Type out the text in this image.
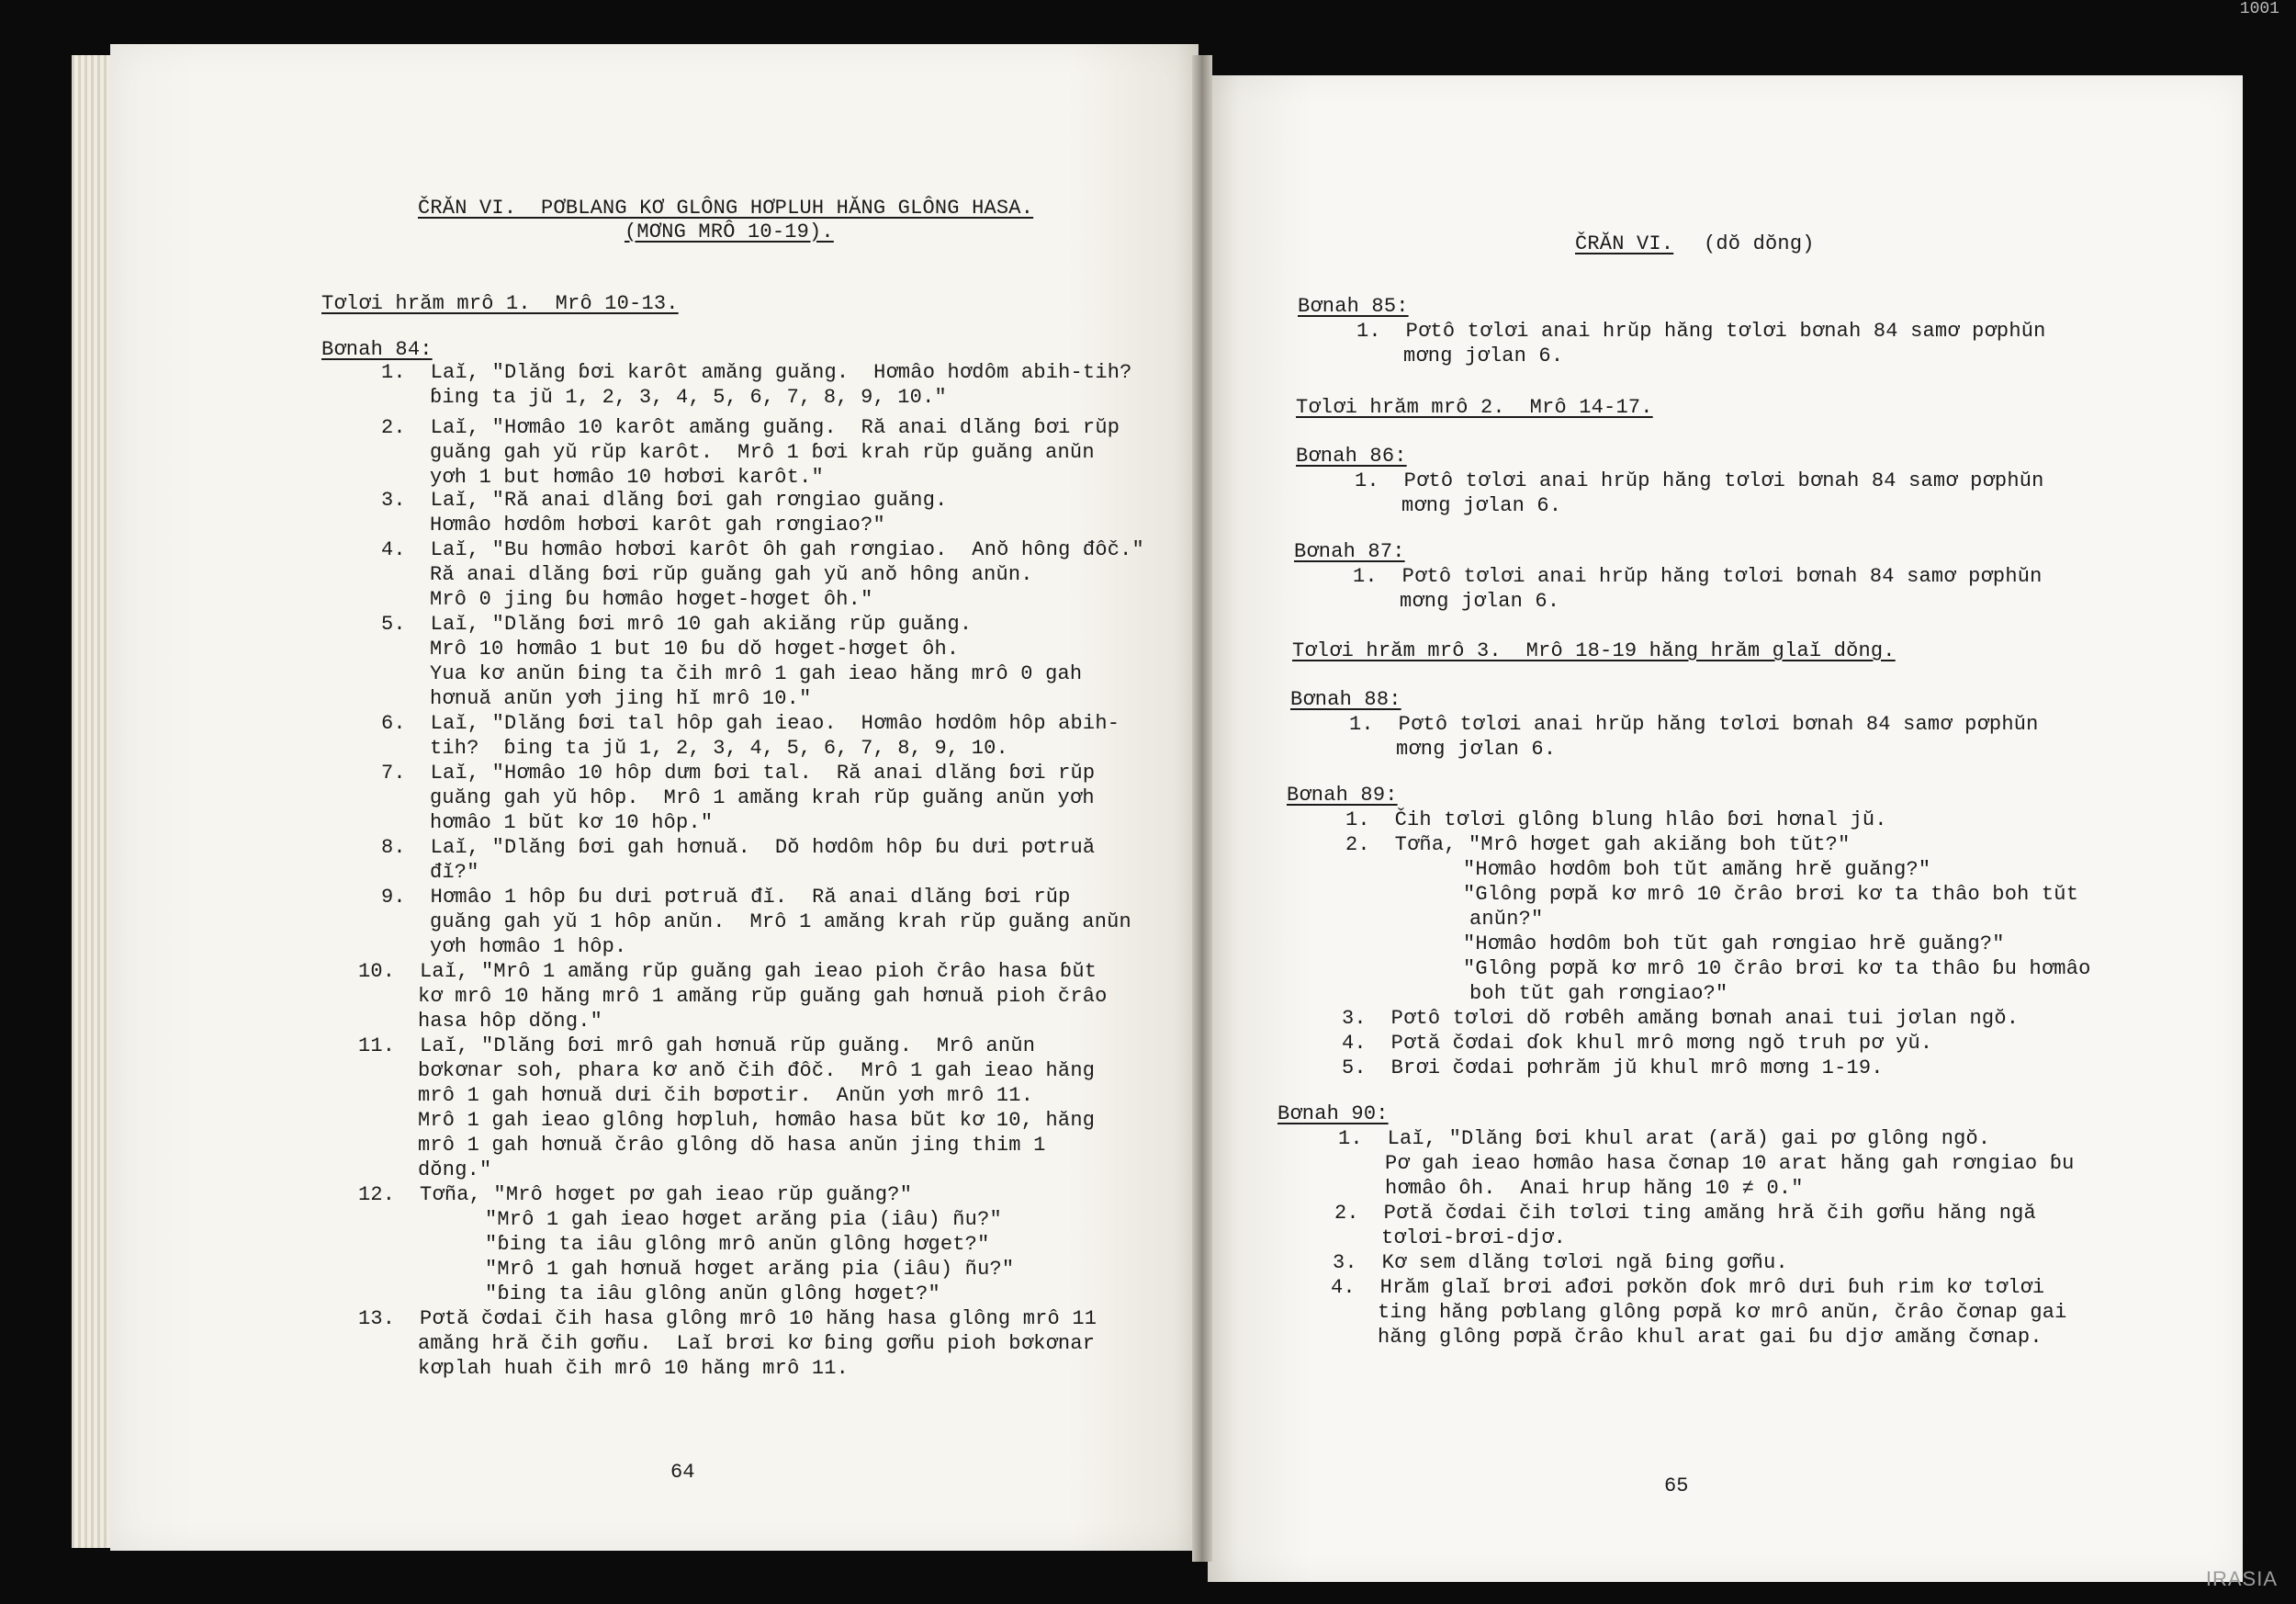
ČRĂN VI.  PƠBLANG KƠ GLÔNG HƠPLUH HĂNG GLÔNG HASA.
(MƠNG MRÔ 10-19).
Tơlơi hrăm mrô 1.  Mrô 10-13.
Bơnah 84:
1.  Laĭ, "Dlăng ɓơi karôt amăng guăng.  Hơmâo hơdôm abih-tih?
ɓing ta jŭ 1, 2, 3, 4, 5, 6, 7, 8, 9, 10."
2.  Laĭ, "Hơmâo 10 karôt amăng guăng.  Ră anai dlăng ɓơi rŭp
guăng gah yŭ rŭp karôt.  Mrô 1 ɓơi krah rŭp guăng anŭn
yơh 1 but hơmâo 10 hơbơi karôt."
3.  Laĭ, "Ră anai dlăng ɓơi gah rơngiao guăng.
Hơmâo hơdôm hơbơi karôt gah rơngiao?"
4.  Laĭ, "Bu hơmâo hơbơi karôt ôh gah rơngiao.  Anŏ hông đôč."
Ră anai dlăng ɓơi rŭp guăng gah yŭ anŏ hông anŭn.
Mrô 0 jing ɓu hơmâo hơget-hơget ôh."
5.  Laĭ, "Dlăng ɓơi mrô 10 gah akiăng rŭp guăng.
Mrô 10 hơmâo 1 but 10 ɓu dŏ hơget-hơget ôh.
Yua kơ anŭn ɓing ta čih mrô 1 gah ieao hăng mrô 0 gah
hơnuă anŭn yơh jing hĭ mrô 10."
6.  Laĭ, "Dlăng ɓơi tal hôp gah ieao.  Hơmâo hơdôm hôp abih-
tih?  ɓing ta jŭ 1, 2, 3, 4, 5, 6, 7, 8, 9, 10.
7.  Laĭ, "Hơmâo 10 hôp dưm ɓơi tal.  Ră anai dlăng ɓơi rŭp
guăng gah yŭ hôp.  Mrô 1 amăng krah rŭp guăng anŭn yơh
hơmâo 1 bŭt kơ 10 hôp."
8.  Laĭ, "Dlăng ɓơi gah hơnuă.  Dŏ hơdôm hôp ɓu dưi pơtruă
đĭ?"
9.  Hơmâo 1 hôp ɓu dưi pơtruă đĭ.  Ră anai dlăng ɓơi rŭp
guăng gah yŭ 1 hôp anŭn.  Mrô 1 amăng krah rŭp guăng anŭn
yơh hơmâo 1 hôp.
10.  Laĭ, "Mrô 1 amăng rŭp guăng gah ieao pioh črâo hasa ɓŭt
kơ mrô 10 hăng mrô 1 amăng rŭp guăng gah hơnuă pioh črâo
hasa hôp dŏng."
11.  Laĭ, "Dlăng ɓơi mrô gah hơnuă rŭp guăng.  Mrô anŭn
bơkơnar soh, phara kơ anŏ čih đôč.  Mrô 1 gah ieao hăng
mrô 1 gah hơnuă dưi čih bơpơtir.  Anŭn yơh mrô 11.
Mrô 1 gah ieao glông hơpluh, hơmâo hasa bŭt kơ 10, hăng
mrô 1 gah hơnuă črâo glông dŏ hasa anŭn jing thim 1
dŏng."
12.  Tơña, "Mrô hơget pơ gah ieao rŭp guăng?"
"Mrô 1 gah ieao hơget arăng pia (iâu) ñu?"
"ɓing ta iâu glông mrô anŭn glông hơget?"
"Mrô 1 gah hơnuă hơget arăng pia (iâu) ñu?"
"ɓing ta iâu glông anŭn glông hơget?"
13.  Pơtă čơdai čih hasa glông mrô 10 hăng hasa glông mrô 11
amăng hră čih gơñu.  Laĭ brơi kơ ɓing gơñu pioh bơkơnar
kơplah huah čih mrô 10 hăng mrô 11.
ČRĂN VI. (dŏ dŏng)
Bơnah 85:
1.  Pơtô tơlơi anai hrŭp hăng tơlơi bơnah 84 samơ pơphŭn
mơng jơlan 6.
Tơlơi hrăm mrô 2.  Mrô 14-17.
Bơnah 86:
1.  Pơtô tơlơi anai hrŭp hăng tơlơi bơnah 84 samơ pơphŭn
mơng jơlan 6.
Bơnah 87:
1.  Pơtô tơlơi anai hrŭp hăng tơlơi bơnah 84 samơ pơphŭn
mơng jơlan 6.
Tơlơi hrăm mrô 3.  Mrô 18-19 hăng hrăm glaĭ dŏng.
Bơnah 88:
1.  Pơtô tơlơi anai hrŭp hăng tơlơi bơnah 84 samơ pơphŭn
mơng jơlan 6.
Bơnah 89:
1.  Čih tơlơi glông blung hlâo ɓơi hơnal jŭ.
2.  Tơña, "Mrô hơget gah akiăng boh tŭt?"
"Hơmâo hơdôm boh tŭt amăng hrĕ guăng?"
"Glông pơpă kơ mrô 10 črâo brơi kơ ta thâo boh tŭt
anŭn?"
"Hơmâo hơdôm boh tŭt gah rơngiao hrĕ guăng?"
"Glông pơpă kơ mrô 10 črâo brơi kơ ta thâo ɓu hơmâo
boh tŭt gah rơngiao?"
3.  Pơtô tơlơi dŏ rơbêh amăng bơnah anai tui jơlan ngŏ.
4.  Pơtă čơdai ɗok khul mrô mơng ngŏ truh pơ yŭ.
5.  Brơi čơdai pơhrăm jŭ khul mrô mơng 1-19.
Bơnah 90:
1.  Laĭ, "Dlăng ɓơi khul arat (ară) gai pơ glông ngŏ.
Pơ gah ieao hơmâo hasa čơnap 10 arat hăng gah rơngiao ɓu
hơmâo ôh.  Anai hrup hăng 10 ≠ 0."
2.  Pơtă čơdai čih tơlơi ting amăng hră čih gơñu hăng ngă
tơlơi-brơi-djơ.
3.  Kơ sem dlăng tơlơi ngă ɓing gơñu.
4.  Hrăm glaĭ brơi ađơi pơkŏn ɗok mrô dưi ɓuh rim kơ tơlơi
ting hăng pơblang glông pơpă kơ mrô anŭn, črâo čơnap gai
hăng glông pơpă črâo khul arat gai ɓu djơ amăng čơnap.
64
65
IRASIA
1001
